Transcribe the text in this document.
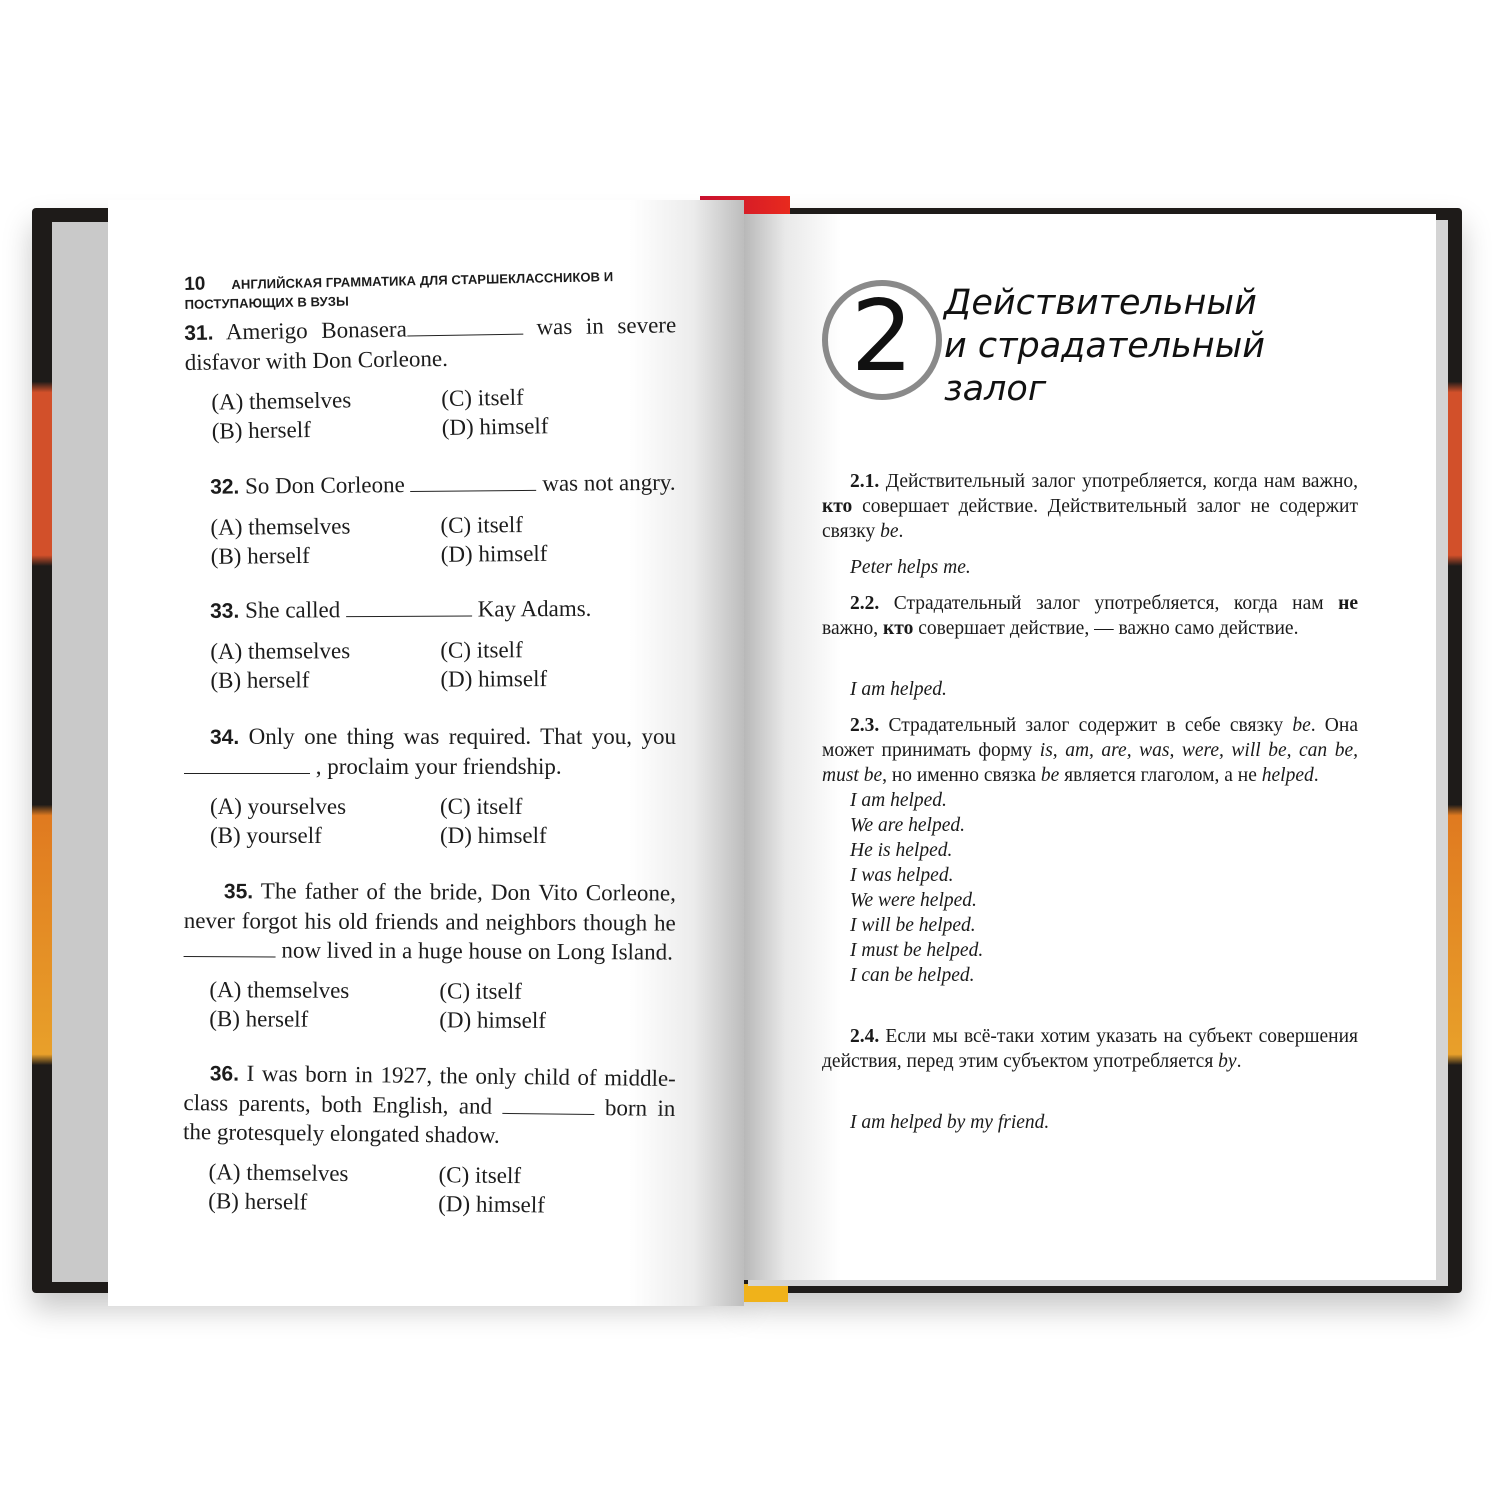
10 АНГЛИЙСКАЯ ГРАММАТИКА ДЛЯ СТАРШЕКЛАССНИКОВ И ПОСТУПАЮЩИХ В ВУЗЫ
31. Amerigo Bonasera	was in severe disfavor with Don Corleone.
(A) themselves	(C) itself
(B) herself	(D) himself
32. So Don Corleone	was not angry.
(A) themselves	(C) itself
(B) herself	(D) himself
33. She called	Kay Adams.
(A) themselves	(C) itself
(B) herself	(D) himself
34. Only one thing was required. That you, you  , proclaim your friendship.
(A) yourselves	(C) itself
(B) yourself	(D) himself
35. The father of the bride, Don Vito Corleone, never forgot his old friends and neighbors though he  now lived in a huge house on Long Island.
(A) themselves	(C) itself
(B) herself	(D) himself
36. I was born in 1927, the only child of middle-class parents, both English, and	born in the grotesquely elongated shadow.
(A) themselves	(C) itself
(B) herself	(D) himself
2 Действительный
и страдательный
залог

2.1. Действительный залог употребляется, когда нам важно, кто совершает действие. Действительный залог не содержит связку be.

Peter helps me.

2.2. Страдательный залог употребляется, когда нам не важно, кто совершает действие, — важно само действие.

I am helped.

2.3. Страдательный залог содержит в себе связку be. Она может принимать форму is, am, are, was, were, will be, can be, must be, но именно связка be является глаголом, а не helped.

I am helped.
We are helped.
He is helped.
I was helped.
We were helped.
I will be helped.
I must be helped.
I can be helped.

2.4. Если мы всё-таки хотим указать на субъект совершения действия, перед этим субъектом употребляется by.

I am helped by my friend.
